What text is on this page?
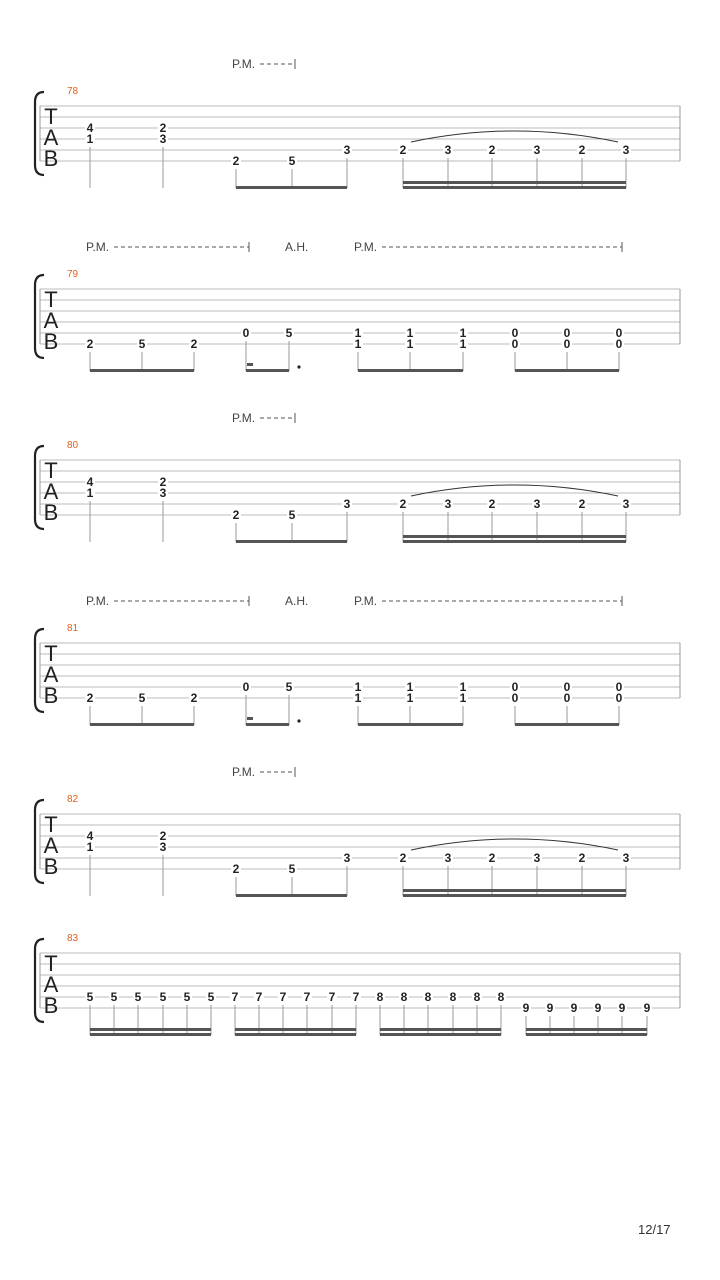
T
A
B
78
P.M.
4
1
2
3
2	5
3	2	3	2	3	2	3
T
A
B
79
P.M.	A.H.	P.M.
2	5	2
0	5	1
1
1
1
1
1
0
0
0
0
0
0
T
A
B
80
P.M.
4
1
2
3
2	5
3	2	3	2	3	2	3
T
A
B
81
P.M.	A.H.	P.M.
2	5	2
0	5	1
1
1
1
1
1
0
0
0
0
0
0
T
A
B
82
P.M.
4
1
2
3
2	5
3	2	3	2	3	2	3
T
A
B
83
5 5 5 5 5 5 7 7 7 7 7 7 8 8 8 8 8 8
9 9 9 9 9 9
12/17
